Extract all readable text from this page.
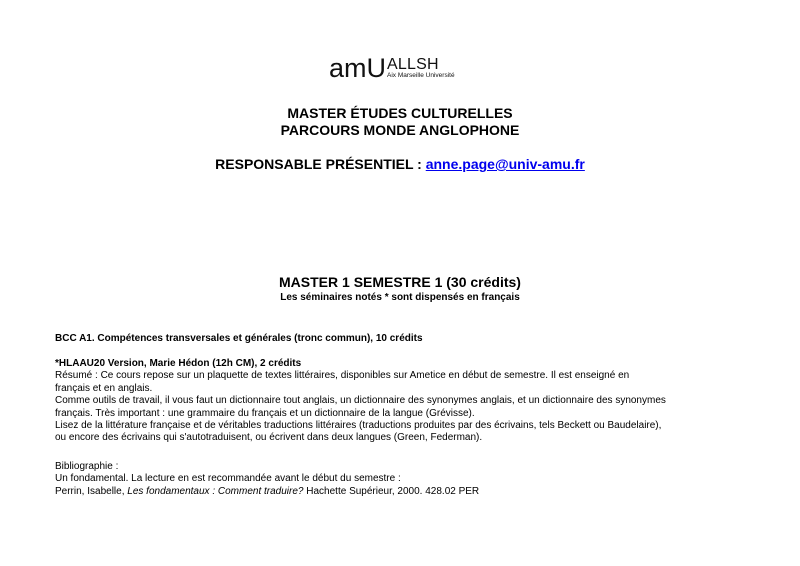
amU ALLSH
Aix Marseille Université
MASTER ÉTUDES CULTURELLES
PARCOURS MONDE ANGLOPHONE
RESPONSABLE PRÉSENTIEL : anne.page@univ-amu.fr
MASTER 1 SEMESTRE 1 (30 crédits)
Les séminaires notés * sont dispensés en français
BCC A1. Compétences transversales et générales (tronc commun), 10 crédits
*HLAAU20 Version, Marie Hédon (12h CM), 2 crédits
Résumé : Ce cours repose sur un plaquette de textes littéraires, disponibles sur Ametice en début de semestre. Il est enseigné en
français et en anglais.
Comme outils de travail, il vous faut un dictionnaire tout anglais, un dictionnaire des synonymes anglais, et un dictionnaire des synonymes
français. Très important : une grammaire du français et un dictionnaire de la langue (Grévisse).
Lisez de la littérature française et de véritables traductions littéraires (traductions produites par des écrivains, tels Beckett ou Baudelaire),
ou encore des écrivains qui s'autotraduisent, ou écrivent dans deux langues (Green, Federman).
Bibliographie :
Un fondamental. La lecture en est recommandée avant le début du semestre :
Perrin, Isabelle, Les fondamentaux : Comment traduire? Hachette Supérieur, 2000. 428.02 PER
